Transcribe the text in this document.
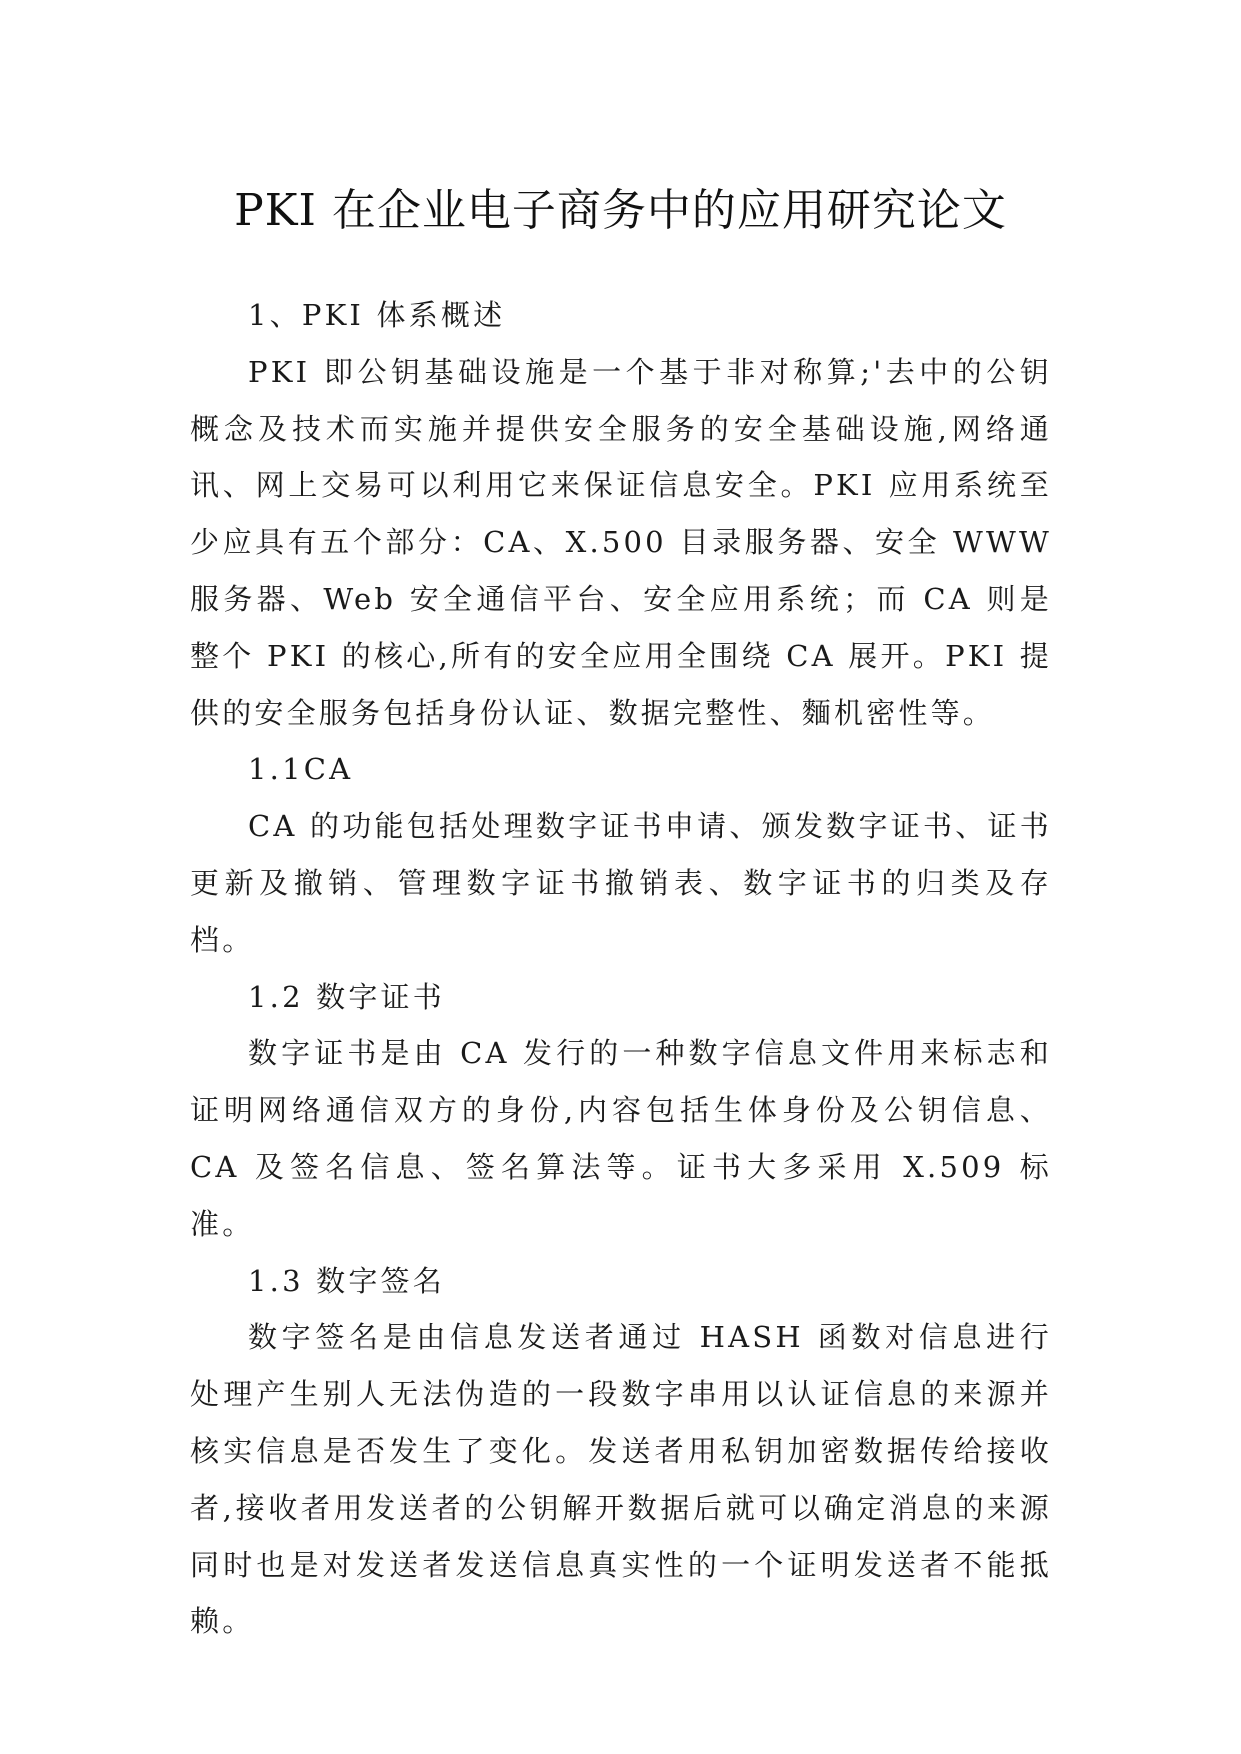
PKI 在企业电子商务中的应用研究论文

1、PKI 体系概述

PKI 即公钥基础设施是一个基于非对称算;'去中的公钥概念及技术而实施并提供安全服务的安全基础设施,网络通讯、网上交易可以利用它来保证信息安全。PKI 应用系统至少应具有五个部分：CA、X.500 目录服务器、安全 WWW 服务器、Web 安全通信平台、安全应用系统；而 CA 则是整个 PKI 的核心,所有的安全应用全围绕 CA 展开。PKI 提供的安全服务包括身份认证、数据完整性、麵机密性等。

1.1CA

CA 的功能包括处理数字证书申请、颁发数字证书、证书更新及撤销、管理数字证书撤销表、数字证书的归类及存档。

1.2 数字证书

数字证书是由 CA 发行的一种数字信息文件用来标志和证明网络通信双方的身份,内容包括生体身份及公钥信息、CA 及签名信息、签名算法等。证书大多采用 X.509 标准。

1.3 数字签名

数字签名是由信息发送者通过 HASH 函数对信息进行处理产生别人无法伪造的一段数字串用以认证信息的来源并核实信息是否发生了变化。发送者用私钥加密数据传给接收者,接收者用发送者的公钥解开数据后就可以确定消息的来源同时也是对发送者发送信息真实性的一个证明发送者不能抵赖。
